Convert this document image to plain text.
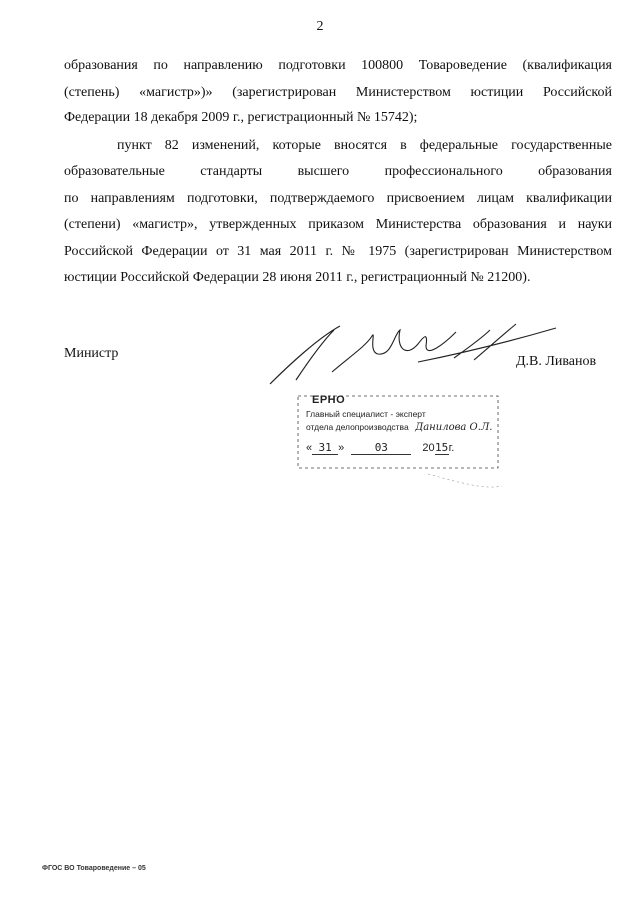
2
образования по направлению подготовки 100800 Товароведение (квалификация
(степень) «магистр»)» (зарегистрирован Министерством юстиции Российской
Федерации 18 декабря 2009 г., регистрационный № 15742);
пункт 82 изменений, которые вносятся в федеральные государственные
образовательные	стандарты	высшего	профессионального	образования
по направлениям подготовки, подтверждаемого присвоением лицам квалификации
(степени) «магистр», утвержденных приказом Министерства образования и науки
Российской Федерации от 31 мая 2011 г. № 1975 (зарегистрирован Министерством
юстиции Российской Федерации 28 июня 2011 г., регистрационный № 21200).
Министр
Д.В. Ливанов
ЕРНО
Главный специалист - эксперт
отдела делопроизводства Данилова О.Л.
« 31 »	03	2015г.
ФГОС ВО Товароведение – 05
